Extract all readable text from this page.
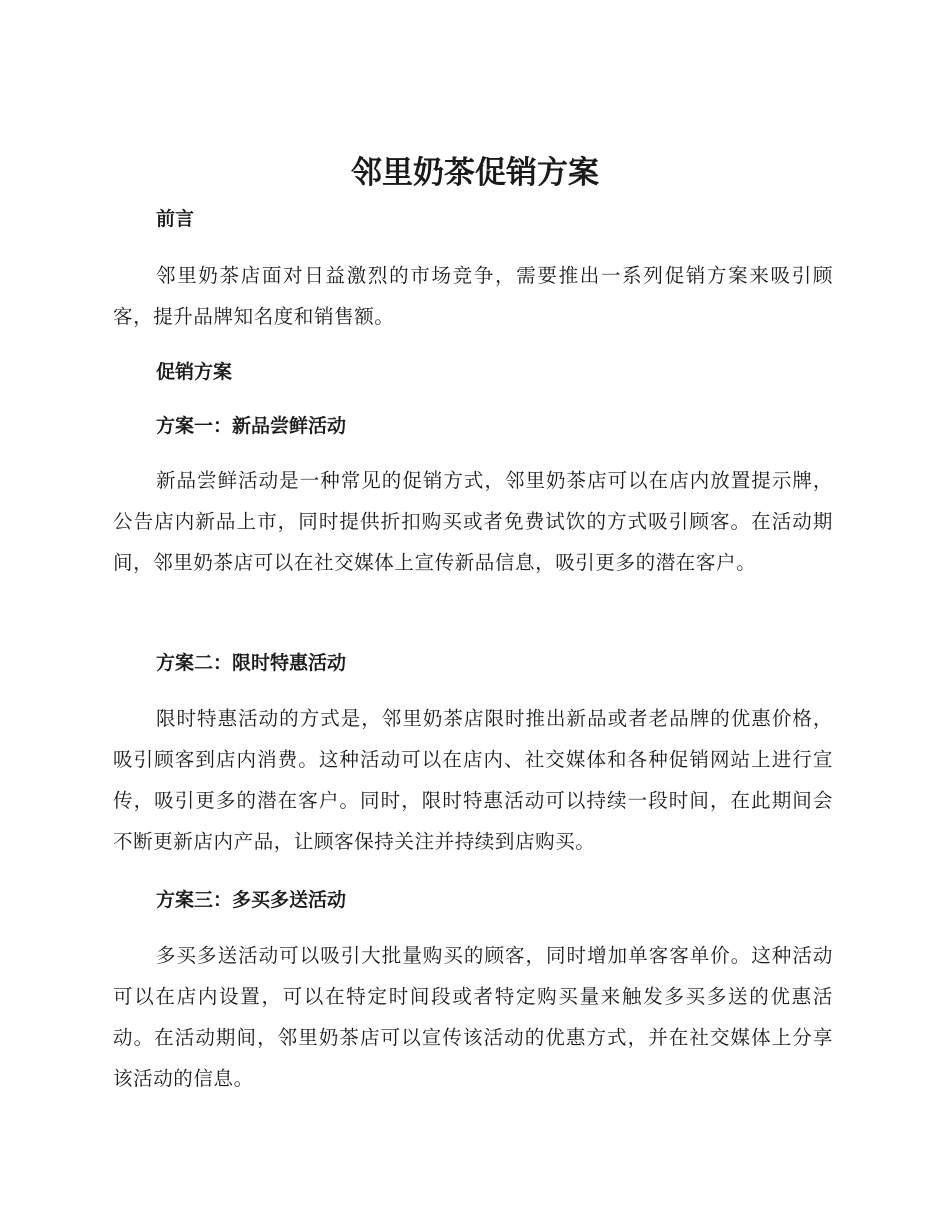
邻里奶茶促销方案
前言

邻里奶茶店面对日益激烈的市场竞争，需要推出一系列促销方案来吸引顾客，提升品牌知名度和销售额。

促销方案
方案一：新品尝鲜活动

新品尝鲜活动是一种常见的促销方式，邻里奶茶店可以在店内放置提示牌，公告店内新品上市，同时提供折扣购买或者免费试饮的方式吸引顾客。在活动期间，邻里奶茶店可以在社交媒体上宣传新品信息，吸引更多的潜在客户。

方案二：限时特惠活动

限时特惠活动的方式是，邻里奶茶店限时推出新品或者老品牌的优惠价格，吸引顾客到店内消费。这种活动可以在店内、社交媒体和各种促销网站上进行宣传，吸引更多的潜在客户。同时，限时特惠活动可以持续一段时间，在此期间会不断更新店内产品，让顾客保持关注并持续到店购买。

方案三：多买多送活动

多买多送活动可以吸引大批量购买的顾客，同时增加单客客单价。这种活动可以在店内设置，可以在特定时间段或者特定购买量来触发多买多送的优惠活动。在活动期间，邻里奶茶店可以宣传该活动的优惠方式，并在社交媒体上分享该活动的信息。
